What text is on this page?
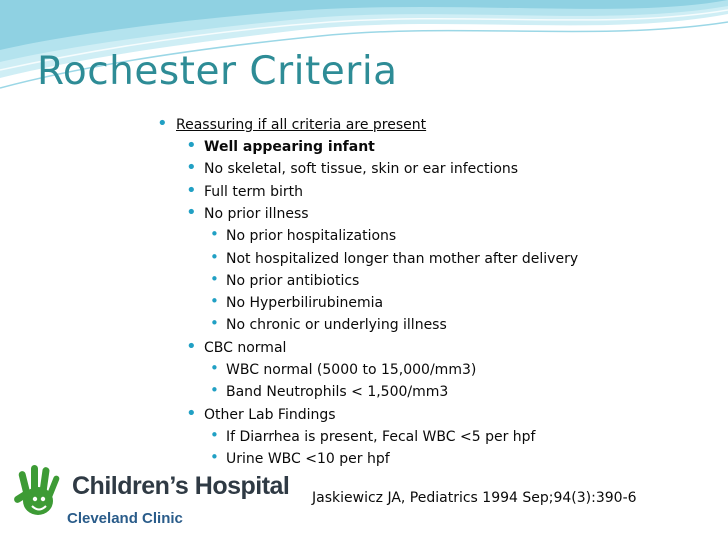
Rochester Criteria
• Reassuring if all criteria are present
• Well appearing infant
• No skeletal, soft tissue, skin or ear infections
• Full term birth
• No prior illness
• No prior hospitalizations
• Not hospitalized longer than mother after delivery
• No prior antibiotics
• No Hyperbilirubinemia
• No chronic or underlying illness
• CBC normal
• WBC normal (5000 to 15,000/mm3)
• Band Neutrophils < 1,500/mm3
• Other Lab Findings
• If Diarrhea is present, Fecal WBC <5 per hpf
• Urine WBC <10 per hpf
Children’s Hospital
Cleveland Clinic
Jaskiewicz JA, Pediatrics 1994 Sep;94(3):390-6
